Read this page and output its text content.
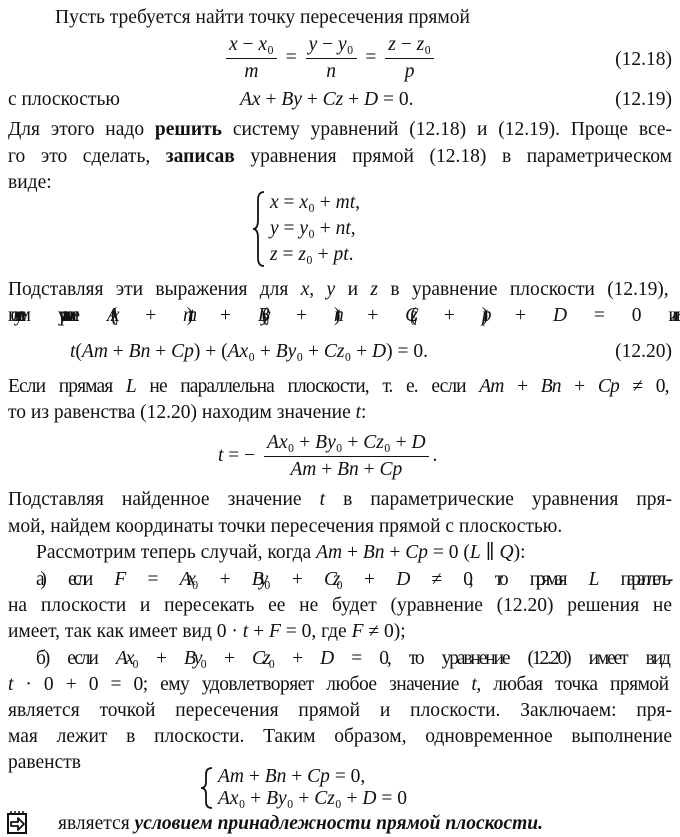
Пусть требуется найти точку пересечения прямой
$\frac{\text{x − x₀}}{m} = \frac{\text{y − y₀}}{n} = \frac{\text{z − z₀}}{p}$	(12.18)
с плоскостью	Ax + By + Cz + D = 0.	(12.19)
Для этого надо решить систему уравнений (12.18) и (12.19). Проще все-
го это сделать, записав уравнения прямой (12.18) в параметрическом
виде:
x = x₀ + mt,
y = y₀ + nt,
z = z₀ + pt.
Подставляя эти выражения для x, y и z в уравнение плоскости (12.19),
получаем уравнение Ax₀ + mt) + By₀ + ) + C₀ + ) + D = 0 или
t(Am + Bn + Cp) + (Ax₀ + By₀ + Cz₀ + D) = 0.	(12.20)
Если прямая L не параллельна плоскости, т. е. если Am + Bn + Cp ≠ 0,
то из равенства (12.20) находим значение t:
t = − $\frac{\text{Ax₀ + By₀ + Cz₀ + D}}{Am + Bn + Cp}$ .
Подставляя найденное значение t в параметрические уравнения пря-
мой, найдем координаты точки пересечения прямой с плоскостью.
Рассмотрим теперь случай, когда Am + Bn + Cp = 0 (L ∥ Q):
а) если F = Ax₀ + By₀ + Cz₀ + D ≠ 0, то прямая L параллель-
на плоскости и пересекать ее не будет (уравнение (12.20) решения не
имеет, так как имеет вид 0 · t + F = 0, где F ≠ 0);
б) если Ax₀ + By₀ + Cz₀ + D = 0, то уравнение (12.20) имеет вид
t · 0 + 0 = 0; ему удовлетворяет любое значение t, любая точка прямой
является точкой пересечения прямой и плоскости. Заключаем: пря-
мая лежит в плоскости. Таким образом, одновременное выполнение
равенств
Am + Bn + Cp = 0,
Ax₀ + By₀ + Cz₀ + D = 0
является условием принадлежности прямой плоскости.
